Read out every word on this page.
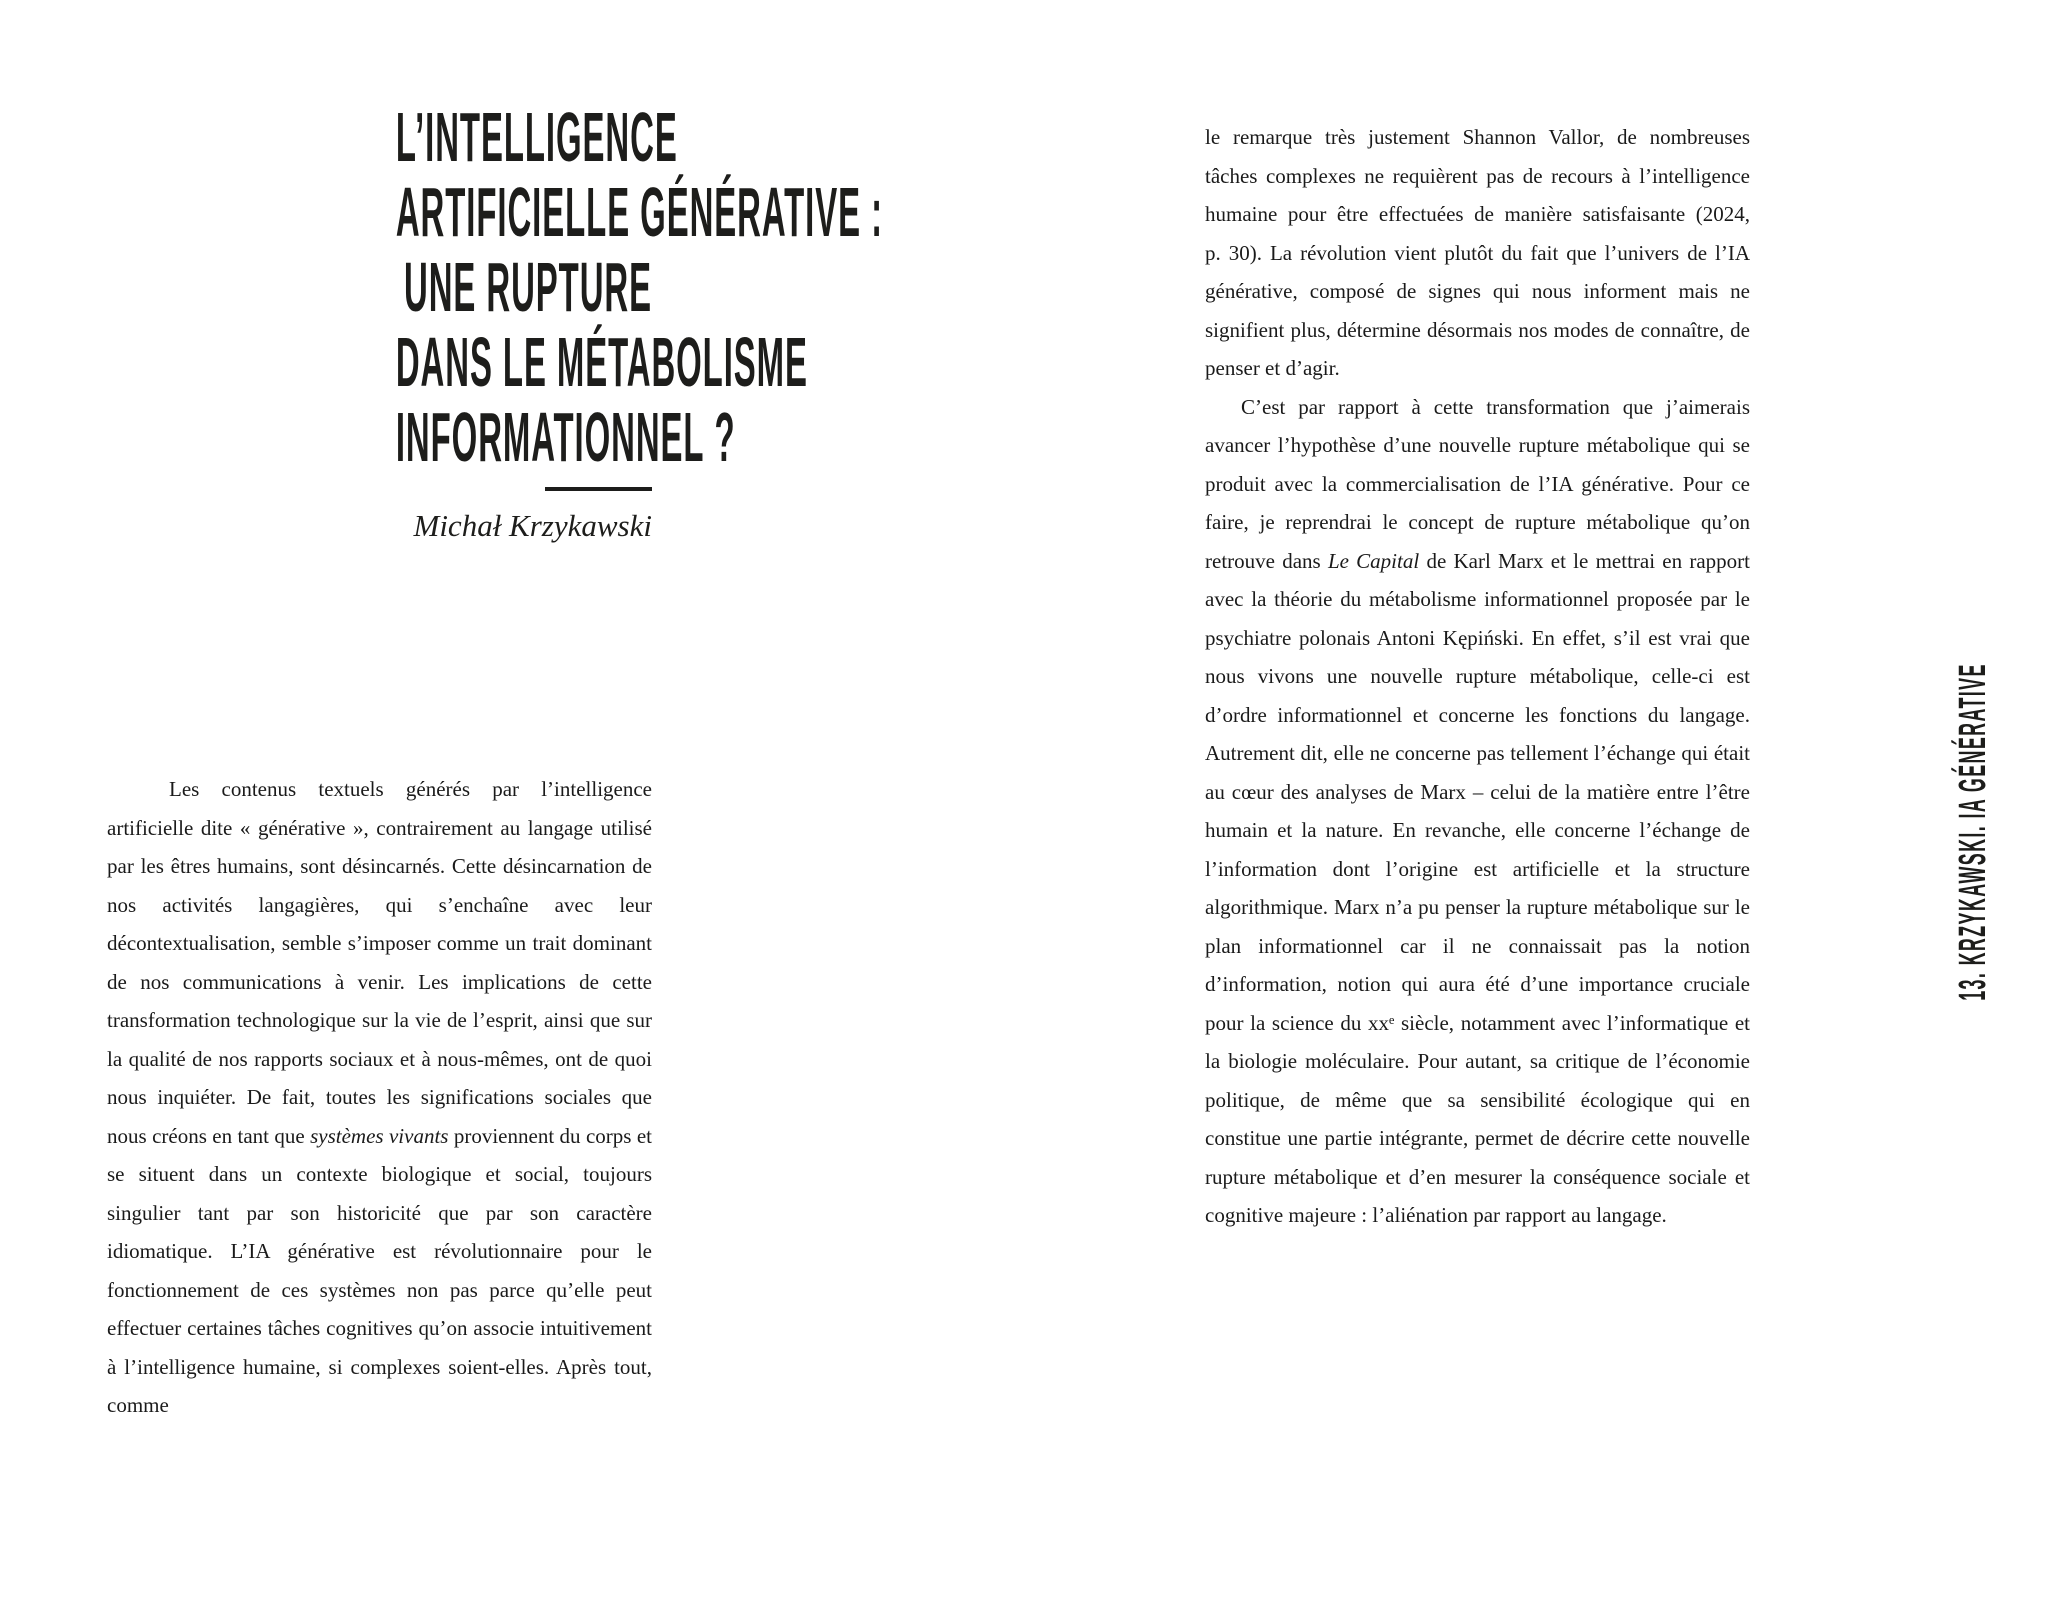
L’INTELLIGENCE
ARTIFICIELLE GÉNÉRATIVE :
UNE RUPTURE
DANS LE MÉTABOLISME
INFORMATIONNEL ?

Michał Krzykawski

Les contenus textuels générés par l’intelligence artificielle dite « générative », contrairement au langage utilisé par les êtres humains, sont désincarnés. Cette désincarnation de nos activités langagières, qui s’enchaîne avec leur décontextualisation, semble s’imposer comme un trait dominant de nos communications à venir. Les implications de cette transformation technologique sur la vie de l’esprit, ainsi que sur la qualité de nos rapports sociaux et à nous-mêmes, ont de quoi nous inquiéter. De fait, toutes les significations sociales que nous créons en tant que systèmes vivants proviennent du corps et se situent dans un contexte biologique et social, toujours singulier tant par son historicité que par son caractère idiomatique. L’IA générative est révolutionnaire pour le fonctionnement de ces systèmes non pas parce qu’elle peut effectuer certaines tâches cognitives qu’on associe intuitivement à l’intelligence humaine, si complexes soient-elles. Après tout, comme

le remarque très justement Shannon Vallor, de nombreuses tâches complexes ne requièrent pas de recours à l’intelligence humaine pour être effectuées de manière satisfaisante (2024, p. 30). La révolution vient plutôt du fait que l’univers de l’IA générative, composé de signes qui nous informent mais ne signifient plus, détermine désormais nos modes de connaître, de penser et d’agir.

C’est par rapport à cette transformation que j’aimerais avancer l’hypothèse d’une nouvelle rupture métabolique qui se produit avec la commercialisation de l’IA générative. Pour ce faire, je reprendrai le concept de rupture métabolique qu’on retrouve dans Le Capital de Karl Marx et le mettrai en rapport avec la théorie du métabolisme informationnel proposée par le psychiatre polonais Antoni Kępiński. En effet, s’il est vrai que nous vivons une nouvelle rupture métabolique, celle-ci est d’ordre informationnel et concerne les fonctions du langage. Autrement dit, elle ne concerne pas tellement l’échange qui était au cœur des analyses de Marx – celui de la matière entre l’être humain et la nature. En revanche, elle concerne l’échange de l’information dont l’origine est artificielle et la structure algorithmique. Marx n’a pu penser la rupture métabolique sur le plan informationnel car il ne connaissait pas la notion d’information, notion qui aura été d’une importance cruciale pour la science du xxᵉ siècle, notamment avec l’informatique et la biologie moléculaire. Pour autant, sa critique de l’économie politique, de même que sa sensibilité écologique qui en constitue une partie intégrante, permet de décrire cette nouvelle rupture métabolique et d’en mesurer la conséquence sociale et cognitive majeure : l’aliénation par rapport au langage.

13. KRZYKAWSKI. IA GÉNÉRATIVE
